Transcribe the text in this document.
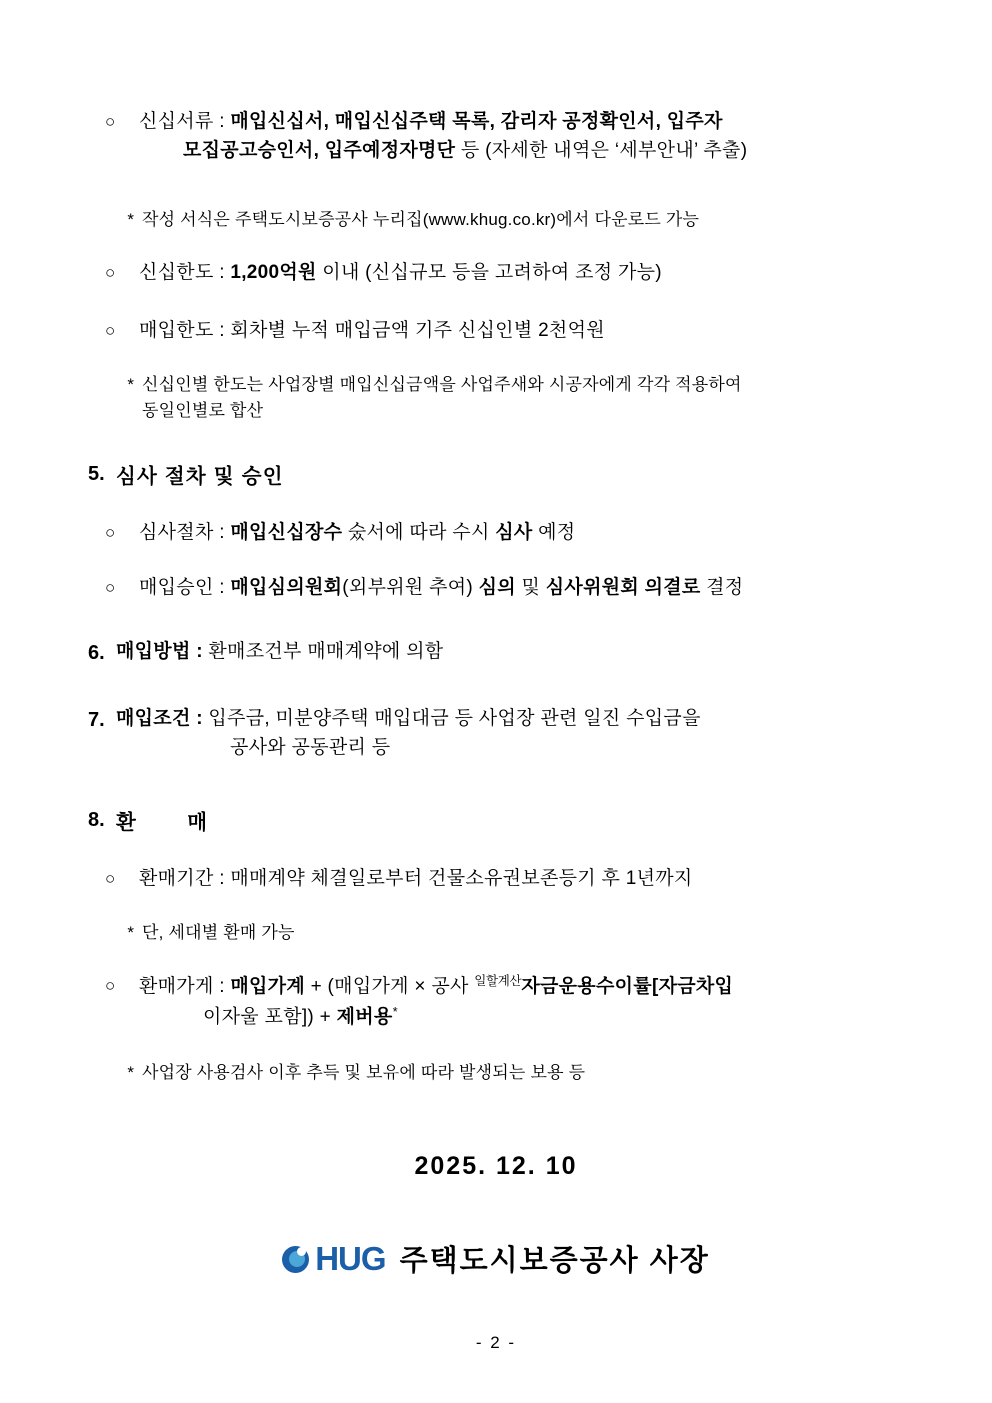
○	신십서류 : 매입신십서, 매입신십주택 목록, 감리자 공정확인서, 입주자
모집공고승인서, 입주예정자명단 등 (자세한 내역은 ‘세부안내’ 추출)
* 작성 서식은 주택도시보증공사 누리집(www.khug.co.kr)에서 다운로드 가능
○	신십한도 : 1,200억원 이내 (신십규모 등을 고려하여 조정 가능)
○	매입한도 : 회차별 누적 매입금액 기주 신십인별 2천억원
* 신십인별 한도는 사업장별 매입신십금액을 사업주새와 시공자에게 각각 적용하여
동일인별로 합산
5. 심사 절차 및 승인
○	심사절차 : 매입신십장수 숬서에 따라 수시 심사 예정
○	매입승인 : 매입심의원회(외부위원 추여) 심의 및 심사위원회 의결로 결정
6. 매입방법 : 환매조건부 매매계약에 의함
7. 매입조건 : 입주금, 미분양주택 매입대금 등 사업장 관련 일진 수입금을
공사와 공동관리 등
8. 환   매
○	환매기간 : 매매계약 체결일로부터 건물소유권보존등기 후 1년까지
* 단, 세대별 환매 가능
○	환매가게 : 매입가계 + (매입가게 × 공사 $^{일할계산}$자금운용수이률[자금차입
이자울 포함]) + 제버용*
* 사업장 사용검사 이후 추득 및 보유에 따라 발생되는 보용 등
2025. 12. 10
HUG 주택도시보증공사 사장
- 2 -
